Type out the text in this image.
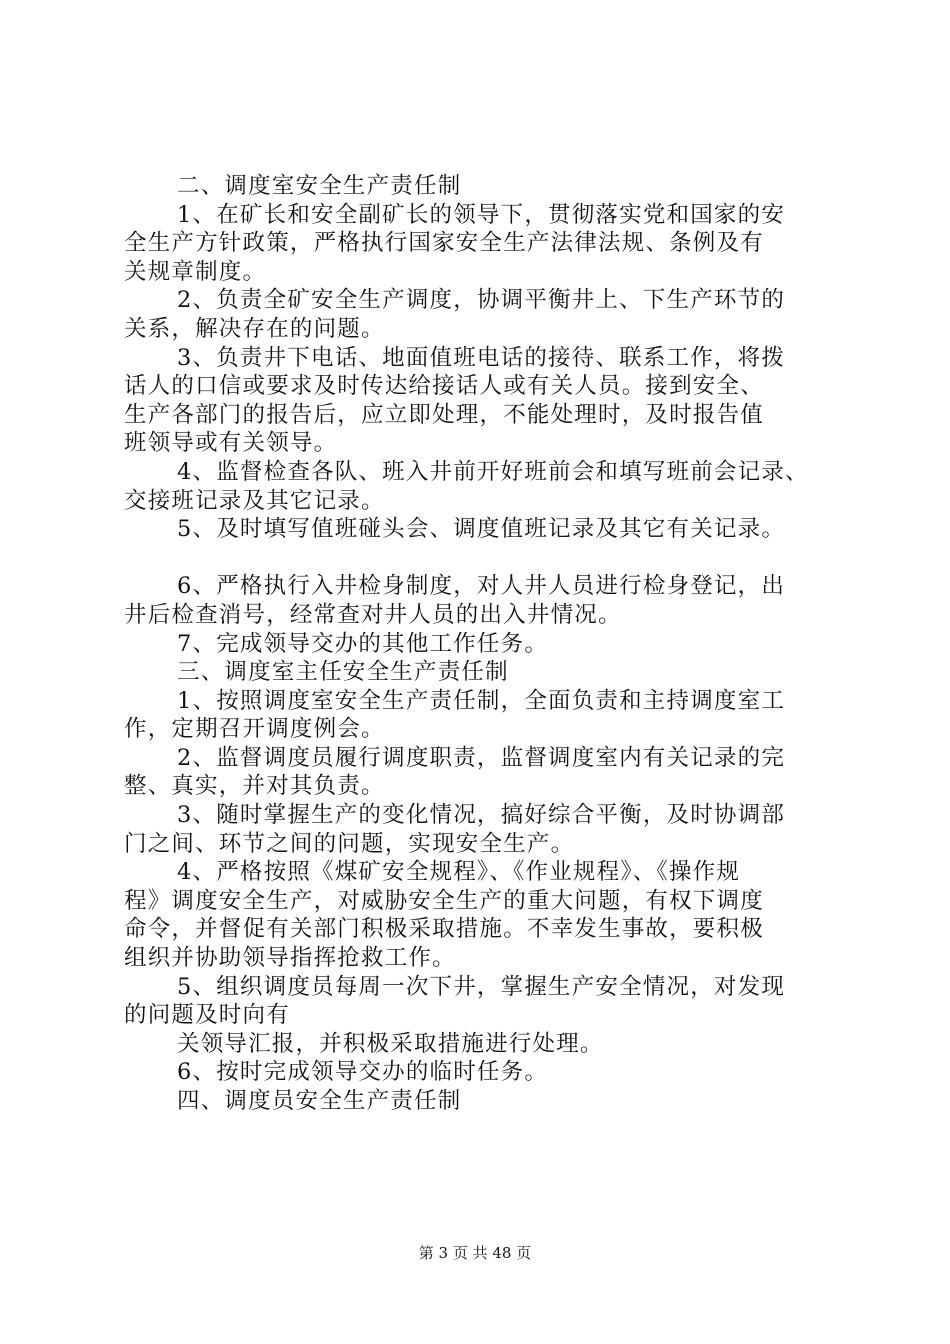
二、调度室安全生产责任制
1、在矿长和安全副矿长的领导下，贯彻落实党和国家的安
全生产方针政策，严格执行国家安全生产法律法规、条例及有
关规章制度。
2、负责全矿安全生产调度，协调平衡井上、下生产环节的
关系，解决存在的问题。
3、负责井下电话、地面值班电话的接待、联系工作，将拨
话人的口信或要求及时传达给接话人或有关人员。接到安全、
生产各部门的报告后，应立即处理，不能处理时，及时报告值
班领导或有关领导。
4、监督检查各队、班入井前开好班前会和填写班前会记录、
交接班记录及其它记录。
5、及时填写值班碰头会、调度值班记录及其它有关记录。
6、严格执行入井检身制度，对人井人员进行检身登记，出
井后检查消号，经常查对井人员的出入井情况。
7、完成领导交办的其他工作任务。
三、调度室主任安全生产责任制
1、按照调度室安全生产责任制，全面负责和主持调度室工
作，定期召开调度例会。
2、监督调度员履行调度职责，监督调度室内有关记录的完
整、真实，并对其负责。
3、随时掌握生产的变化情况，搞好综合平衡，及时协调部
门之间、环节之间的问题，实现安全生产。
4、严格按照《煤矿安全规程》、《作业规程》、《操作规
程》调度安全生产，对威胁安全生产的重大问题，有权下调度
命令，并督促有关部门积极采取措施。不幸发生事故，要积极
组织并协助领导指挥抢救工作。
5、组织调度员每周一次下井，掌握生产安全情况，对发现
的问题及时向有
关领导汇报，并积极采取措施进行处理。
6、按时完成领导交办的临时任务。
四、调度员安全生产责任制
第 3 页 共 48 页
